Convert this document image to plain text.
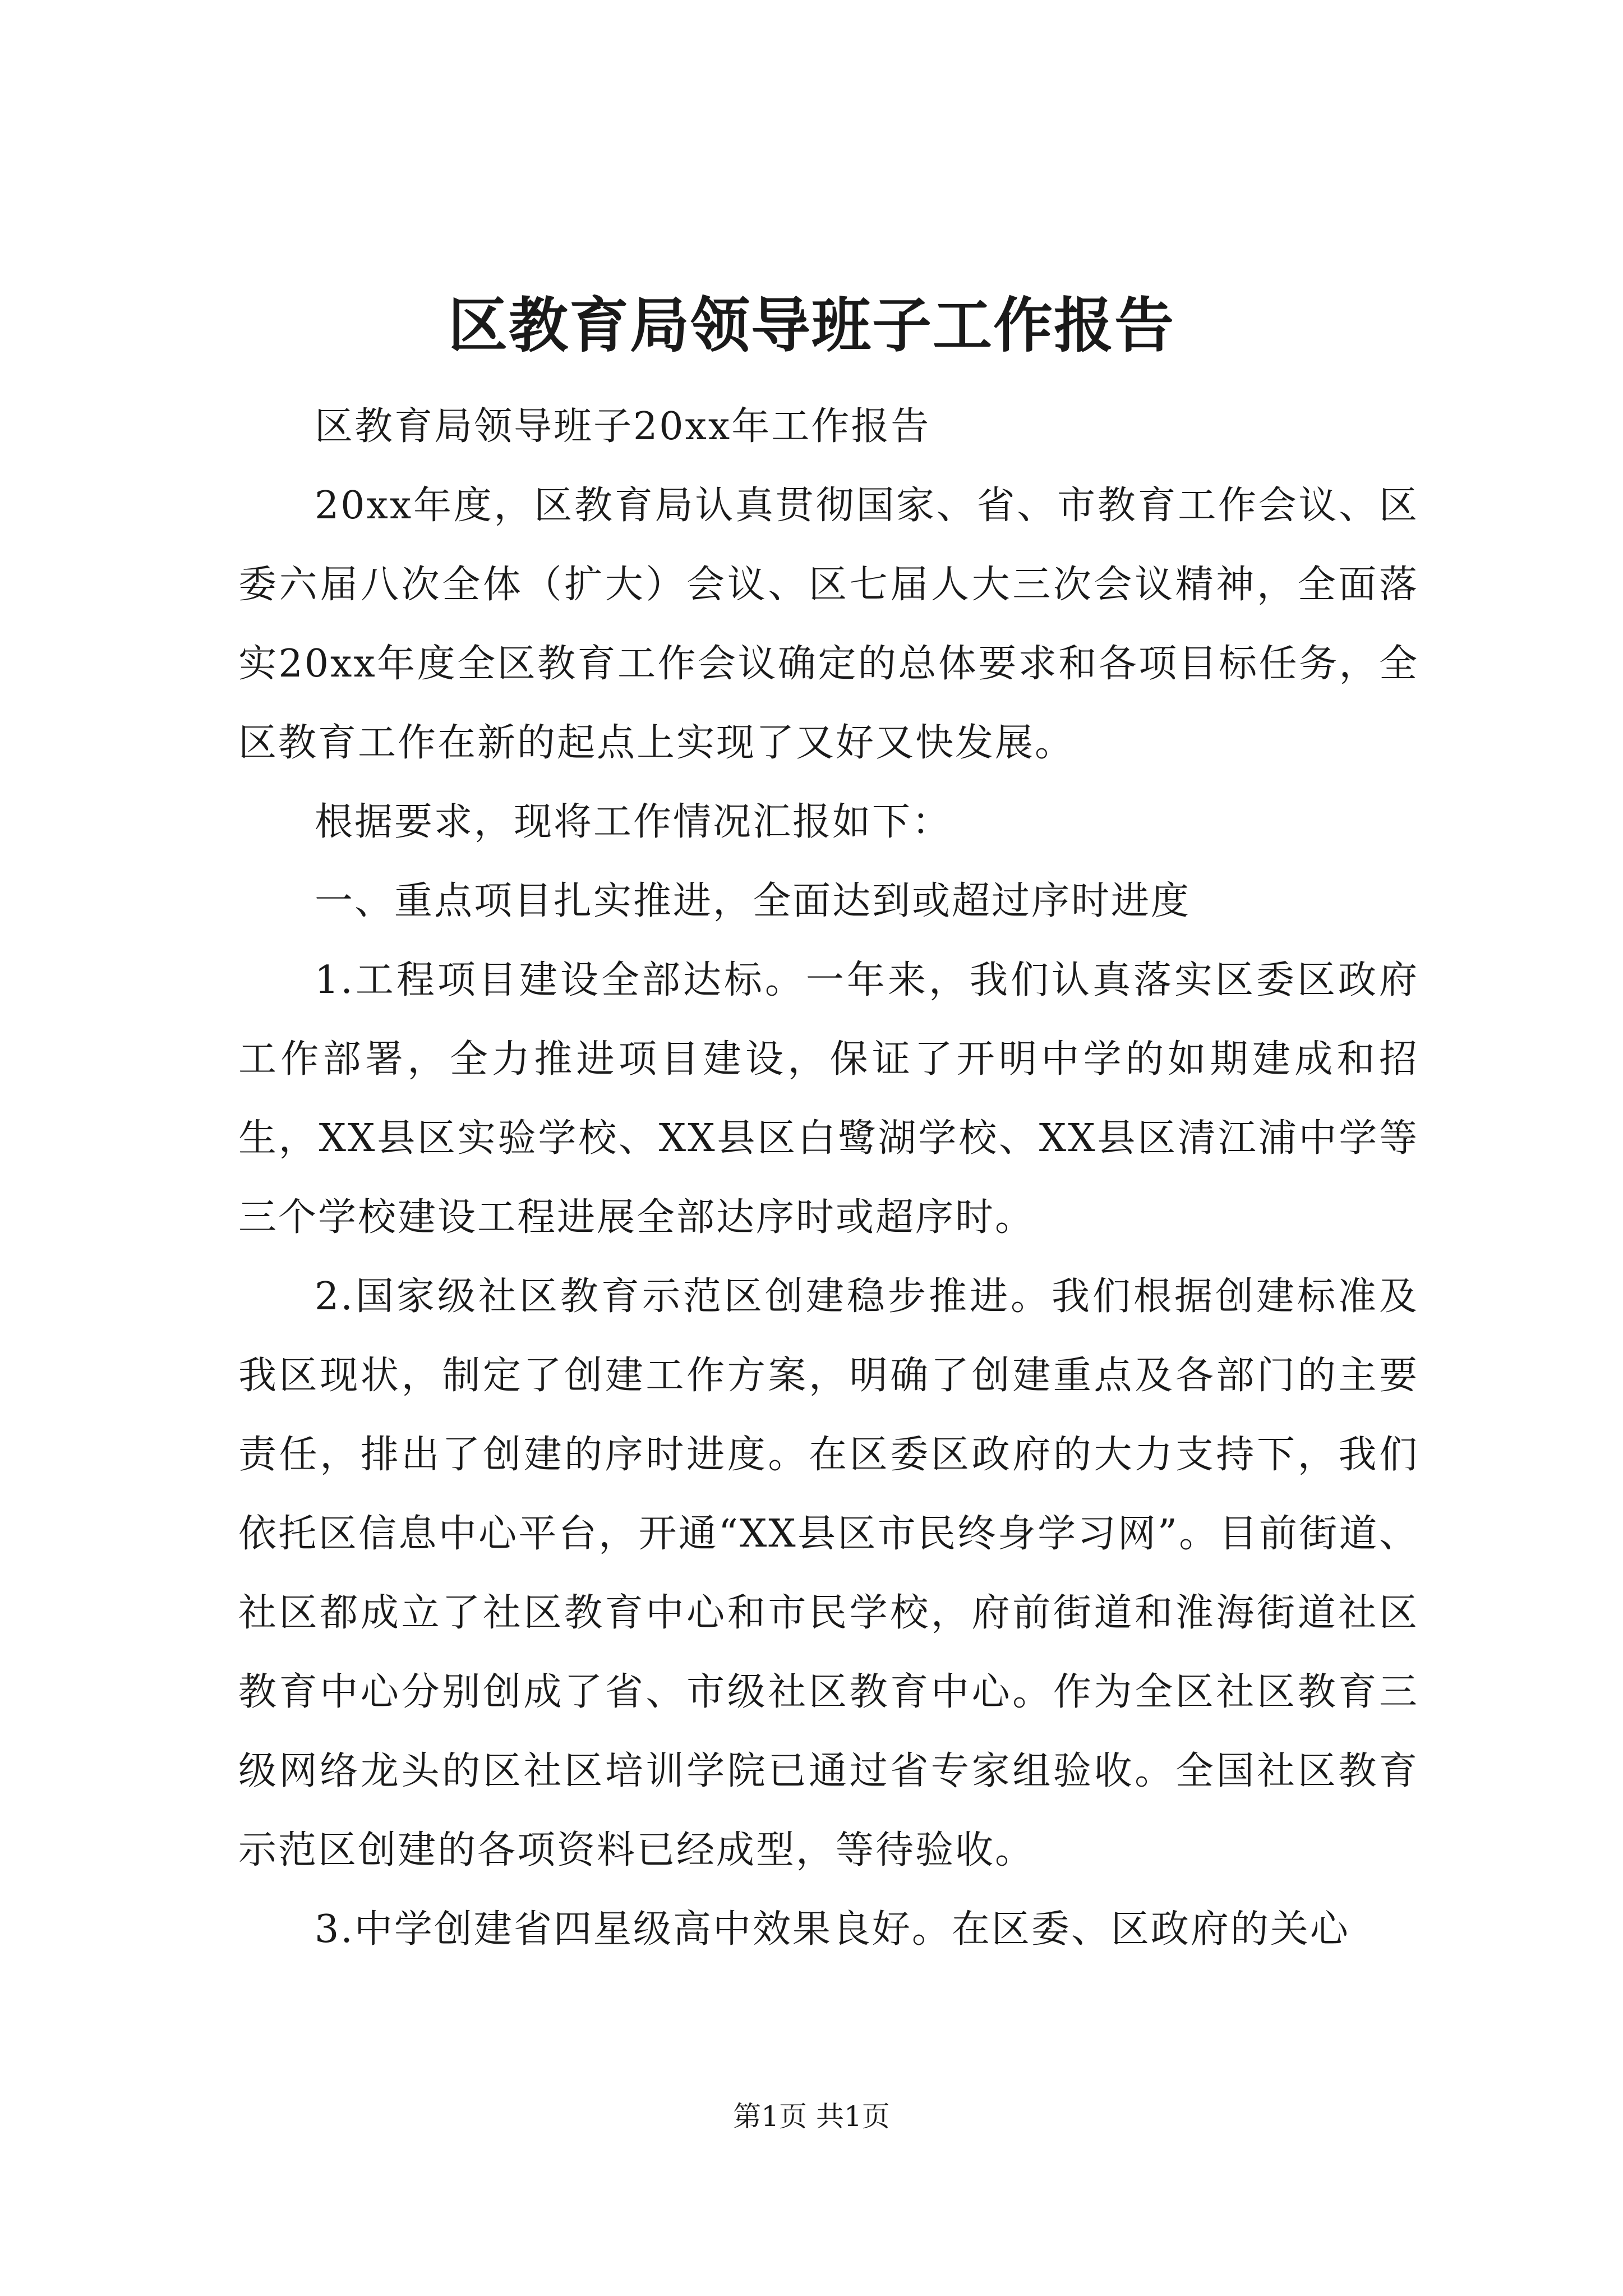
区教育局领导班子工作报告

区教育局领导班子20xx年工作报告

20xx年度，区教育局认真贯彻国家、省、市教育工作会议、区委六届八次全体（扩大）会议、区七届人大三次会议精神，全面落实20xx年度全区教育工作会议确定的总体要求和各项目标任务，全区教育工作在新的起点上实现了又好又快发展。

根据要求，现将工作情况汇报如下：

一、重点项目扎实推进，全面达到或超过序时进度

1.工程项目建设全部达标。一年来，我们认真落实区委区政府工作部署，全力推进项目建设，保证了开明中学的如期建成和招生，XX县区实验学校、XX县区白鹭湖学校、XX县区清江浦中学等三个学校建设工程进展全部达序时或超序时。

2.国家级社区教育示范区创建稳步推进。我们根据创建标准及我区现状，制定了创建工作方案，明确了创建重点及各部门的主要责任，排出了创建的序时进度。在区委区政府的大力支持下，我们依托区信息中心平台，开通“XX县区市民终身学习网”。目前街道、社区都成立了社区教育中心和市民学校，府前街道和淮海街道社区教育中心分别创成了省、市级社区教育中心。作为全区社区教育三级网络龙头的区社区培训学院已通过省专家组验收。全国社区教育示范区创建的各项资料已经成型，等待验收。

3.中学创建省四星级高中效果良好。在区委、区政府的关心

第1页 共1页
